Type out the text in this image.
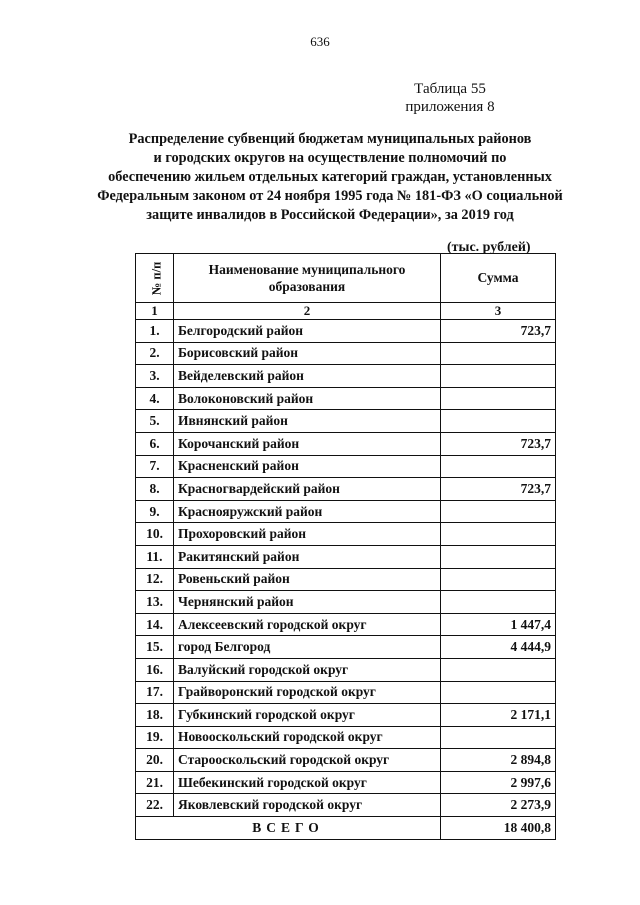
636
Таблица 55
приложения 8
Распределение субвенций бюджетам муниципальных районов
и городских округов на осуществление полномочий по
обеспечению жильем отдельных категорий граждан, установленных
Федеральным законом от 24 ноября 1995 года № 181-ФЗ «О социальной
защите инвалидов в Российской Федерации», за 2019 год
(тыс. рублей)
№ п/п	Наименование муниципального образования	Сумма
1	2	3
1.	Белгородский район	723,7
2.	Борисовский район	
3.	Вейделевский район	
4.	Волоконовский район	
5.	Ивнянский район	
6.	Корочанский район	723,7
7.	Красненский район	
8.	Красногвардейский район	723,7
9.	Краснояружский район	
10.	Прохоровский район	
11.	Ракитянский район	
12.	Ровеньский район	
13.	Чернянский район	
14.	Алексеевский городской округ	1 447,4
15.	город Белгород	4 444,9
16.	Валуйский городской округ	
17.	Грайворонский городской округ	
18.	Губкинский городской округ	2 171,1
19.	Новооскольский городской округ	
20.	Старооскольский городской округ	2 894,8
21.	Шебекинский городской округ	2 997,6
22.	Яковлевский городской округ	2 273,9
ВСЕГО		18 400,8
